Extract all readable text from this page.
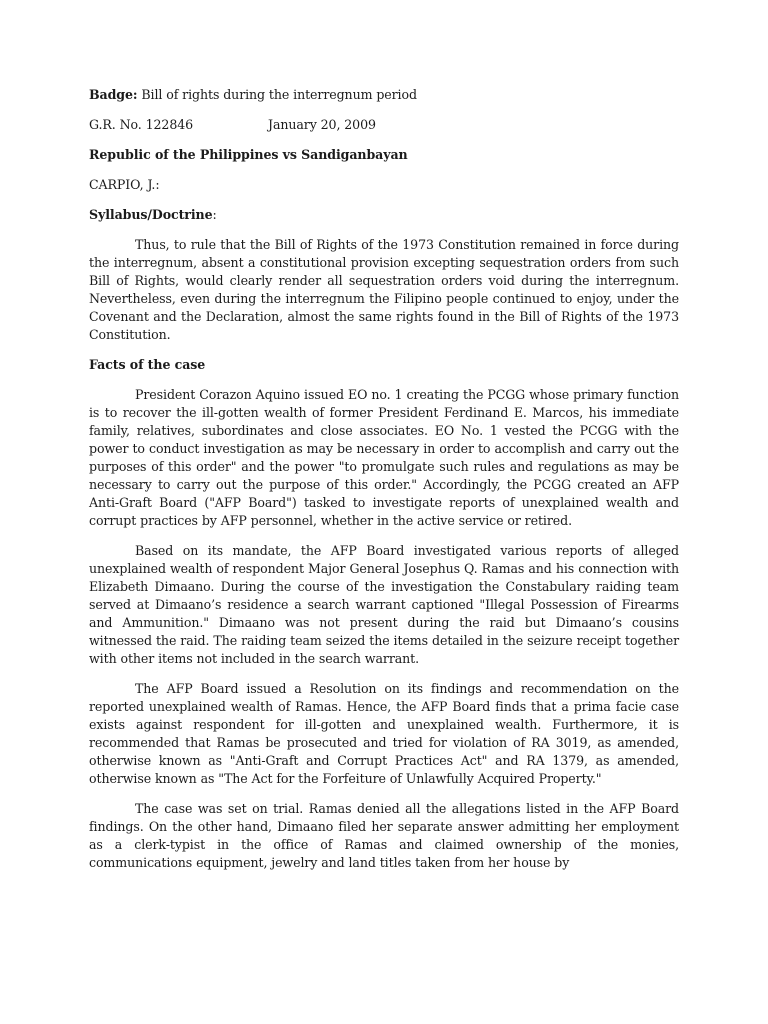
Badge: Bill of rights during the interregnum period

G.R. No. 122846	January 20, 2009

Republic of the Philippines vs Sandiganbayan

CARPIO, J.:

Syllabus/Doctrine:

Thus, to rule that the Bill of Rights of the 1973 Constitution remained in force during the interregnum, absent a constitutional provision excepting sequestration orders from such Bill of Rights, would clearly render all sequestration orders void during the interregnum. Nevertheless, even during the interregnum the Filipino people continued to enjoy, under the Covenant and the Declaration, almost the same rights found in the Bill of Rights of the 1973 Constitution.

Facts of the case

President Corazon Aquino issued EO no. 1 creating the PCGG whose primary function is to recover the ill-gotten wealth of former President Ferdinand E. Marcos, his immediate family, relatives, subordinates and close associates. EO No. 1 vested the PCGG with the power to conduct investigation as may be necessary in order to accomplish and carry out the purposes of this order" and the power "to promulgate such rules and regulations as may be necessary to carry out the purpose of this order." Accordingly, the PCGG created an AFP Anti-Graft Board ("AFP Board") tasked to investigate reports of unexplained wealth and corrupt practices by AFP personnel, whether in the active service or retired.

Based on its mandate, the AFP Board investigated various reports of alleged unexplained wealth of respondent Major General Josephus Q. Ramas and his connection with Elizabeth Dimaano. During the course of the investigation the Constabulary raiding team served at Dimaano’s residence a search warrant captioned "Illegal Possession of Firearms and Ammunition." Dimaano was not present during the raid but Dimaano’s cousins witnessed the raid. The raiding team seized the items detailed in the seizure receipt together with other items not included in the search warrant.

The AFP Board issued a Resolution on its findings and recommendation on the reported unexplained wealth of Ramas. Hence, the AFP Board finds that a prima facie case exists against respondent for ill-gotten and unexplained wealth. Furthermore, it is recommended that Ramas be prosecuted and tried for violation of RA 3019, as amended, otherwise known as "Anti-Graft and Corrupt Practices Act" and RA 1379, as amended, otherwise known as "The Act for the Forfeiture of Unlawfully Acquired Property."

The case was set on trial. Ramas denied all the allegations listed in the AFP Board findings. On the other hand, Dimaano filed her separate answer admitting her employment as a clerk-typist in the office of Ramas and claimed ownership of the monies, communications equipment, jewelry and land titles taken from her house by
